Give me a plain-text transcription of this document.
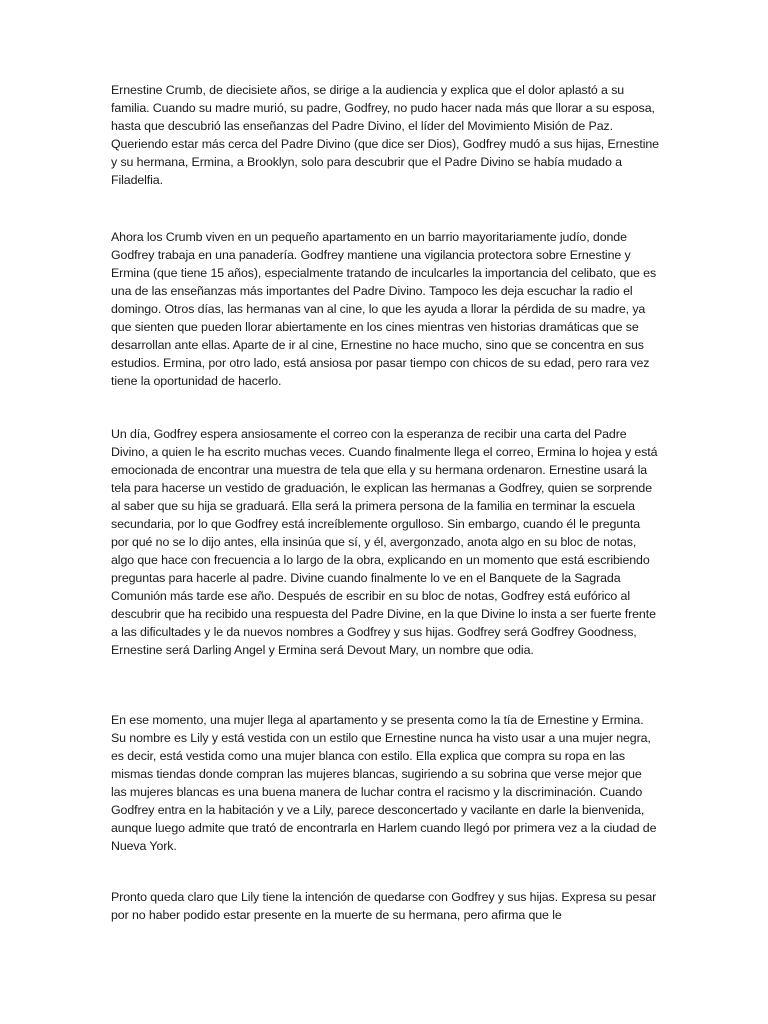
Ernestine Crumb, de diecisiete años, se dirige a la audiencia y explica que el dolor aplastó a su familia. Cuando su madre murió, su padre, Godfrey, no pudo hacer nada más que llorar a su esposa, hasta que descubrió las enseñanzas del Padre Divino, el líder del Movimiento Misión de Paz. Queriendo estar más cerca del Padre Divino (que dice ser Dios), Godfrey mudó a sus hijas, Ernestine y su hermana, Ermina, a Brooklyn, solo para descubrir que el Padre Divino se había mudado a Filadelfia.

Ahora los Crumb viven en un pequeño apartamento en un barrio mayoritariamente judío, donde Godfrey trabaja en una panadería. Godfrey mantiene una vigilancia protectora sobre Ernestine y Ermina (que tiene 15 años), especialmente tratando de inculcarles la importancia del celibato, que es una de las enseñanzas más importantes del Padre Divino. Tampoco les deja escuchar la radio el domingo. Otros días, las hermanas van al cine, lo que les ayuda a llorar la pérdida de su madre, ya que sienten que pueden llorar abiertamente en los cines mientras ven historias dramáticas que se desarrollan ante ellas. Aparte de ir al cine, Ernestine no hace mucho, sino que se concentra en sus estudios. Ermina, por otro lado, está ansiosa por pasar tiempo con chicos de su edad, pero rara vez tiene la oportunidad de hacerlo.

Un día, Godfrey espera ansiosamente el correo con la esperanza de recibir una carta del Padre Divino, a quien le ha escrito muchas veces. Cuando finalmente llega el correo, Ermina lo hojea y está emocionada de encontrar una muestra de tela que ella y su hermana ordenaron. Ernestine usará la tela para hacerse un vestido de graduación, le explican las hermanas a Godfrey, quien se sorprende al saber que su hija se graduará. Ella será la primera persona de la familia en terminar la escuela secundaria, por lo que Godfrey está increíblemente orgulloso. Sin embargo, cuando él le pregunta por qué no se lo dijo antes, ella insinúa que sí, y él, avergonzado, anota algo en su bloc de notas, algo que hace con frecuencia a lo largo de la obra, explicando en un momento que está escribiendo preguntas para hacerle al padre. Divine cuando finalmente lo ve en el Banquete de la Sagrada Comunión más tarde ese año. Después de escribir en su bloc de notas, Godfrey está eufórico al descubrir que ha recibido una respuesta del Padre Divine, en la que Divine lo insta a ser fuerte frente a las dificultades y le da nuevos nombres a Godfrey y sus hijas. Godfrey será Godfrey Goodness, Ernestine será Darling Angel y Ermina será Devout Mary, un nombre que odia.

En ese momento, una mujer llega al apartamento y se presenta como la tía de Ernestine y Ermina. Su nombre es Lily y está vestida con un estilo que Ernestine nunca ha visto usar a una mujer negra, es decir, está vestida como una mujer blanca con estilo. Ella explica que compra su ropa en las mismas tiendas donde compran las mujeres blancas, sugiriendo a su sobrina que verse mejor que las mujeres blancas es una buena manera de luchar contra el racismo y la discriminación. Cuando Godfrey entra en la habitación y ve a Lily, parece desconcertado y vacilante en darle la bienvenida, aunque luego admite que trató de encontrarla en Harlem cuando llegó por primera vez a la ciudad de Nueva York.

Pronto queda claro que Lily tiene la intención de quedarse con Godfrey y sus hijas. Expresa su pesar por no haber podido estar presente en la muerte de su hermana, pero afirma que le
